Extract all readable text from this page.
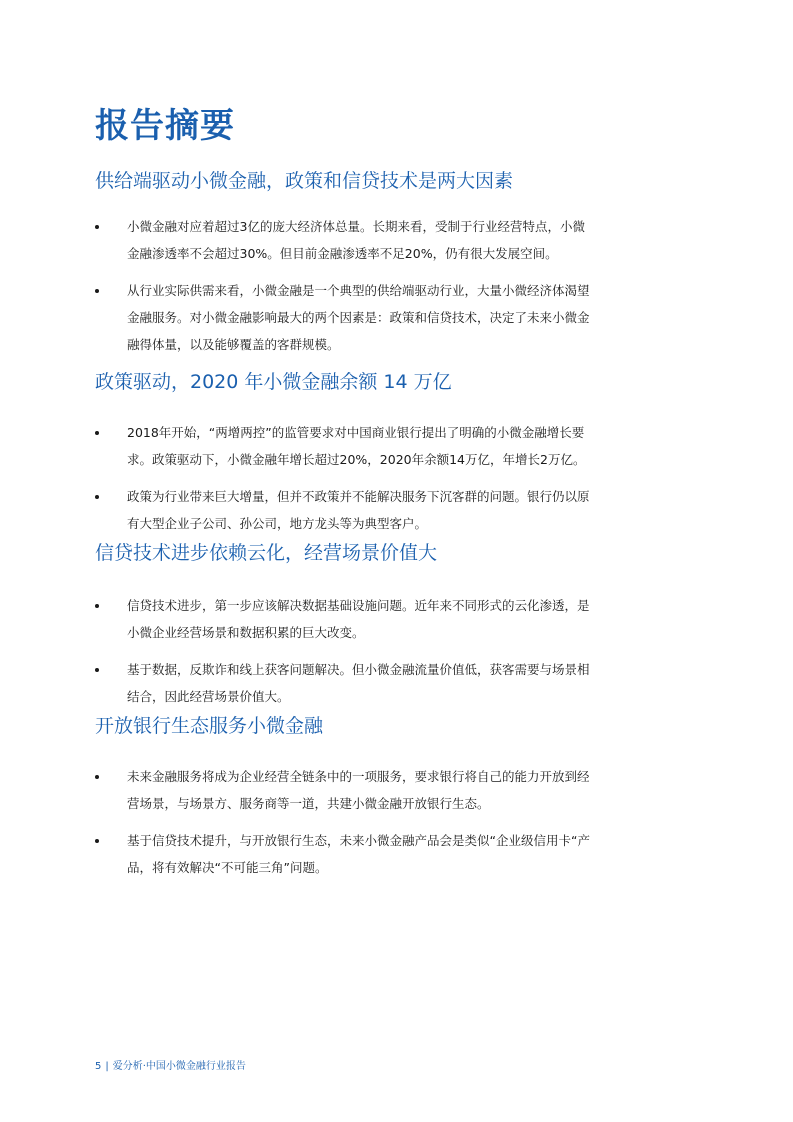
报告摘要
供给端驱动小微金融，政策和信贷技术是两大因素
小微金融对应着超过3亿的庞大经济体总量。长期来看，受制于行业经营特点，小微金融渗透率不会超过30%。但目前金融渗透率不足20%，仍有很大发展空间。
从行业实际供需来看，小微金融是一个典型的供给端驱动行业，大量小微经济体渴望金融服务。对小微金融影响最大的两个因素是：政策和信贷技术，决定了未来小微金融得体量，以及能够覆盖的客群规模。
政策驱动，2020 年小微金融余额 14 万亿
2018年开始，“两增两控”的监管要求对中国商业银行提出了明确的小微金融增长要求。政策驱动下，小微金融年增长超过20%，2020年余额14万亿，年增长2万亿。
政策为行业带来巨大增量，但并不政策并不能解决服务下沉客群的问题。银行仍以原有大型企业子公司、孙公司，地方龙头等为典型客户。
信贷技术进步依赖云化，经营场景价值大
信贷技术进步，第一步应该解决数据基础设施问题。近年来不同形式的云化渗透，是小微企业经营场景和数据积累的巨大改变。
基于数据，反欺诈和线上获客问题解决。但小微金融流量价值低，获客需要与场景相结合，因此经营场景价值大。
开放银行生态服务小微金融
未来金融服务将成为企业经营全链条中的一项服务，要求银行将自己的能力开放到经营场景，与场景方、服务商等一道，共建小微金融开放银行生态。
基于信贷技术提升，与开放银行生态，未来小微金融产品会是类似“企业级信用卡“产品，将有效解决“不可能三角”问题。
5 | 爱分析·中国小微金融行业报告
